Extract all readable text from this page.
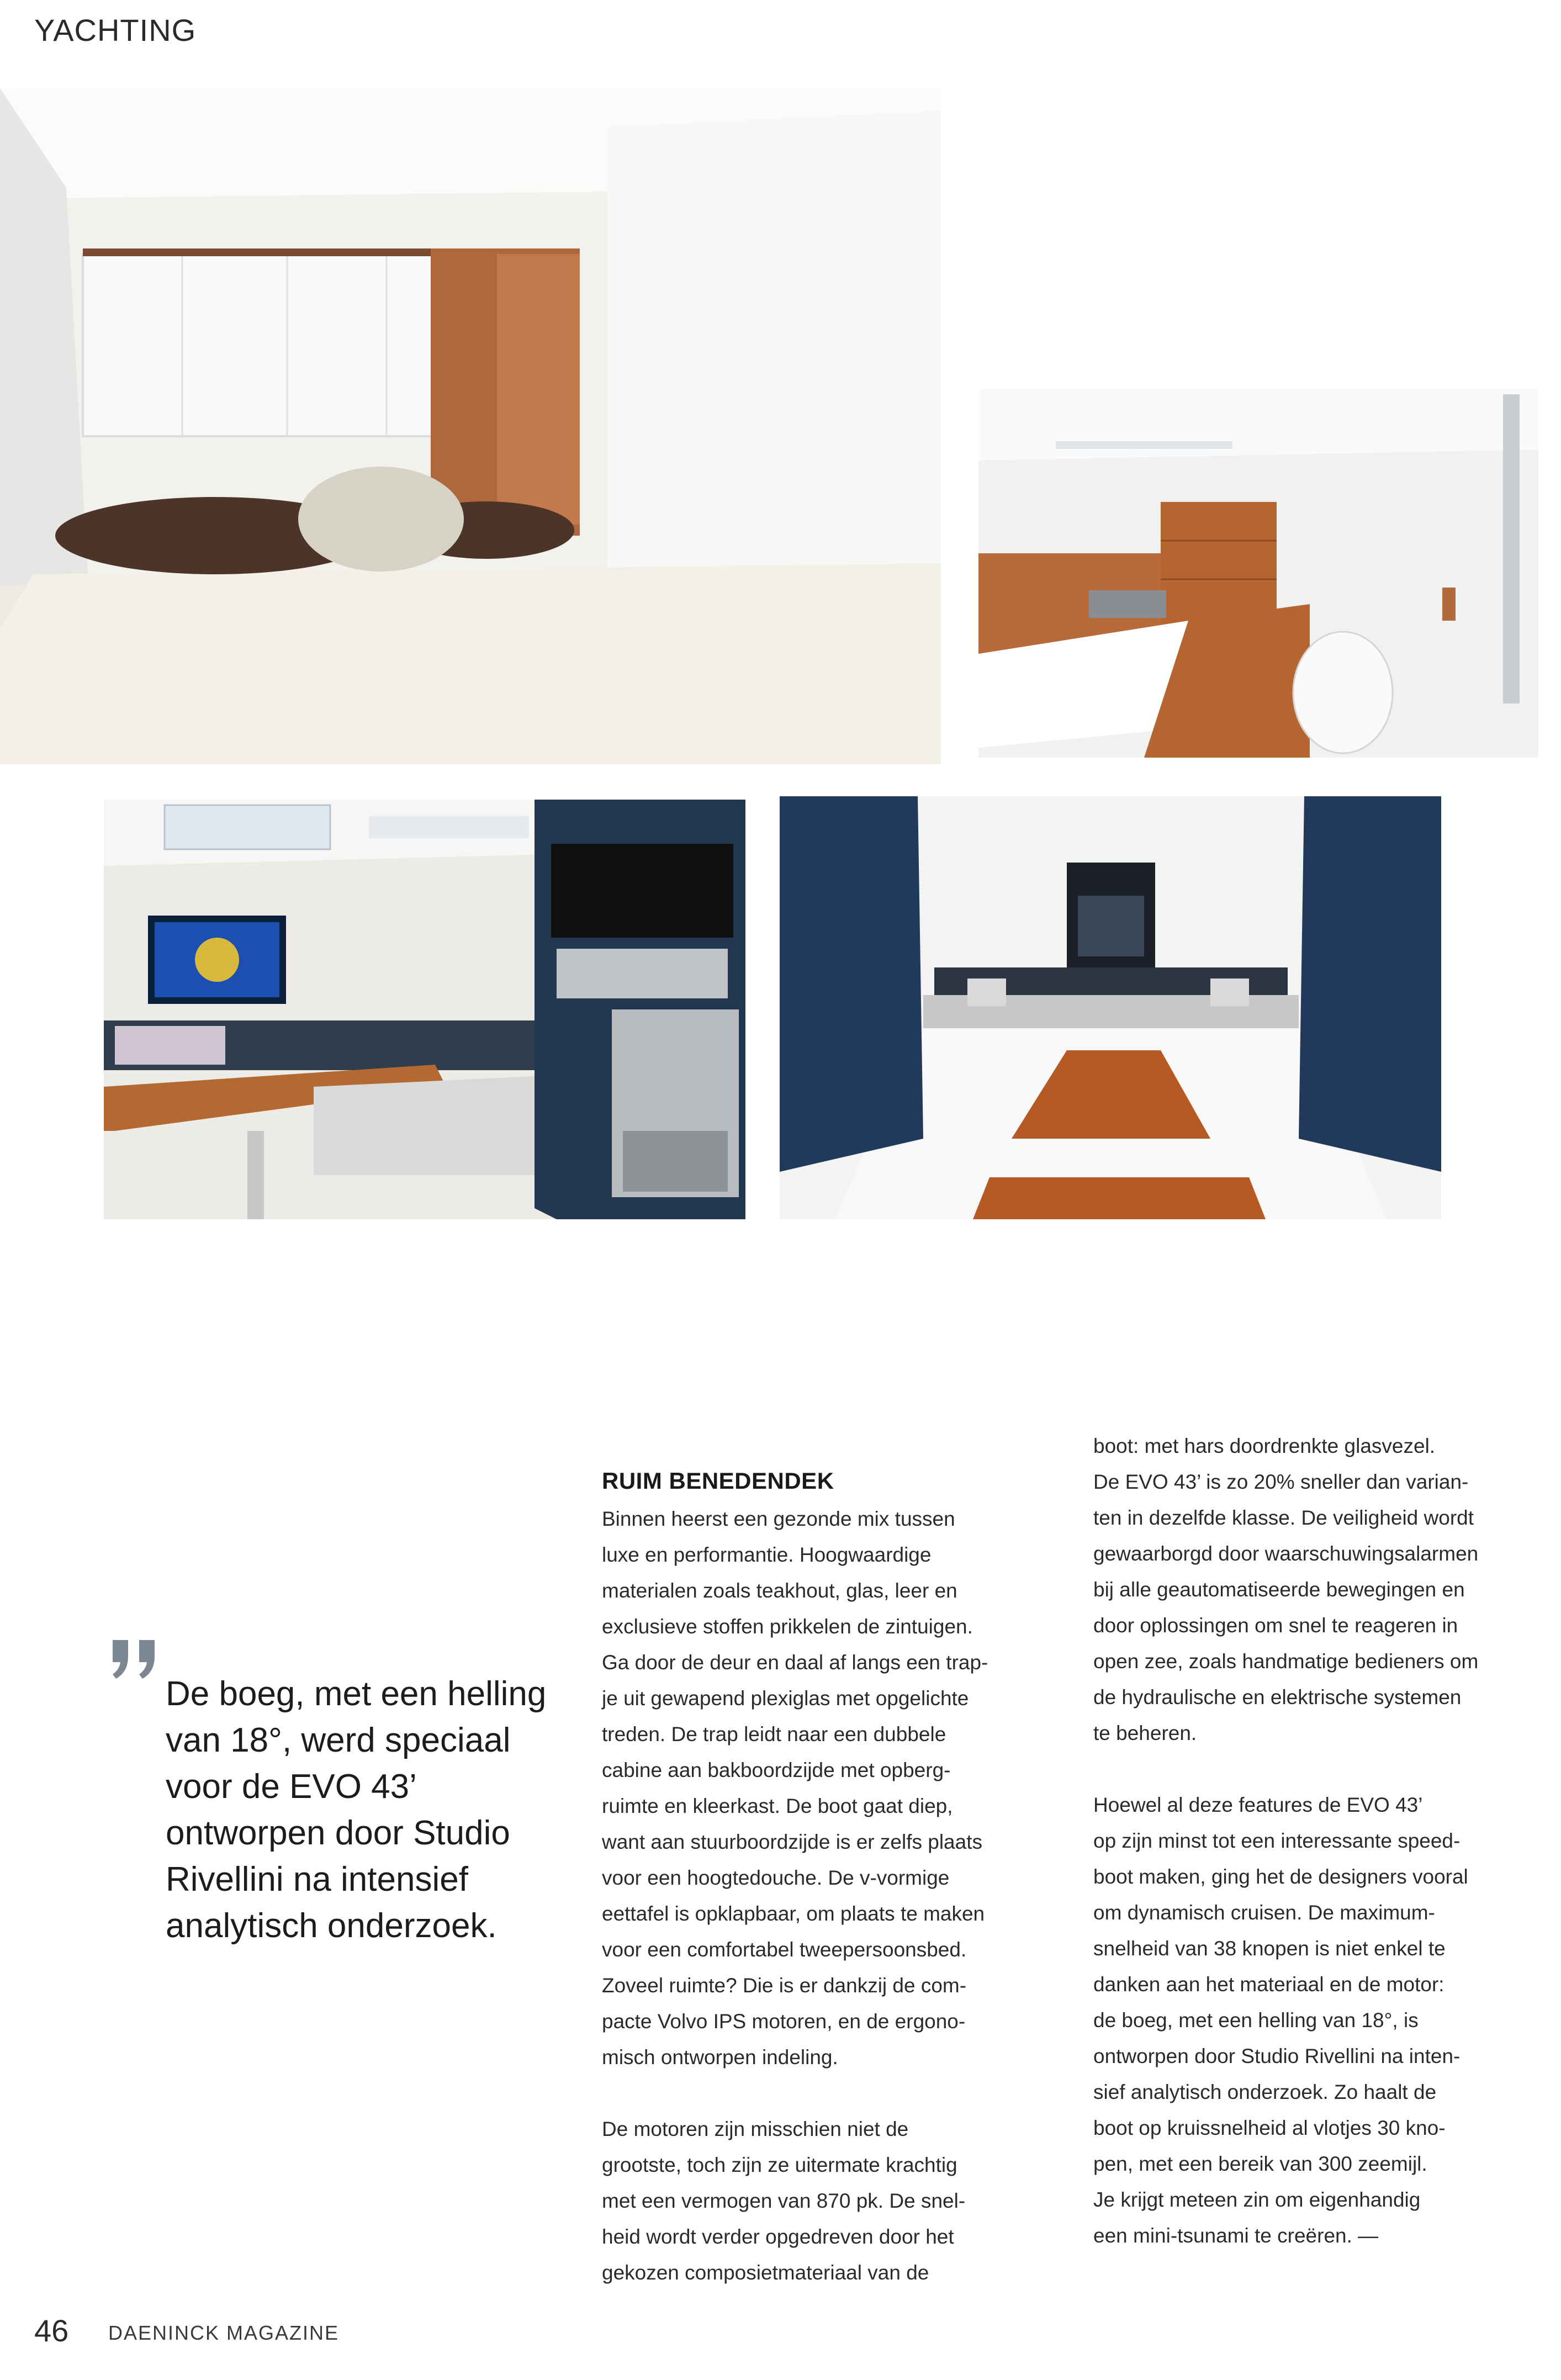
YACHTING

De boeg, met een helling van 18°, werd speciaal voor de EVO 43’ ontworpen door Studio Rivellini na intensief analytisch onderzoek.

RUIM BENEDENDEK

Binnen heerst een gezonde mix tussen

luxe en performantie. Hoogwaardige

materialen zoals teakhout, glas, leer en

exclusieve stoffen prikkelen de zintuigen.

Ga door de deur en daal af langs een trap-

je uit gewapend plexiglas met opgelichte

treden. De trap leidt naar een dubbele

cabine aan bakboordzijde met opberg-

ruimte en kleerkast. De boot gaat diep,

want aan stuurboordzijde is er zelfs plaats

voor een hoogtedouche. De v-vormige

eettafel is opklapbaar, om plaats te maken

voor een comfortabel tweepersoonsbed.

Zoveel ruimte? Die is er dankzij de com-

pacte Volvo IPS motoren, en de ergono-

misch ontworpen indeling.

De motoren zijn misschien niet de

grootste, toch zijn ze uitermate krachtig

met een vermogen van 870 pk. De snel-

heid wordt verder opgedreven door het

gekozen composietmateriaal van de

boot: met hars doordrenkte glasvezel.

De EVO 43’ is zo 20% sneller dan varian-

ten in dezelfde klasse. De veiligheid wordt

gewaarborgd door waarschuwingsalarmen

bij alle geautomatiseerde bewegingen en

door oplossingen om snel te reageren in

open zee, zoals handmatige bedieners om

de hydraulische en elektrische systemen

te beheren.

Hoewel al deze features de EVO 43’

op zijn minst tot een interessante speed-

boot maken, ging het de designers vooral

om dynamisch cruisen. De maximum-

snelheid van 38 knopen is niet enkel te

danken aan het materiaal en de motor:

de boeg, met een helling van 18°, is

ontworpen door Studio Rivellini na inten-

sief analytisch onderzoek. Zo haalt de

boot op kruissnelheid al vlotjes 30 kno-

pen, met een bereik van 300 zeemijl.

Je krijgt meteen zin om eigenhandig

een mini-tsunami te creëren. —

46 DAENINCK MAGAZINE
